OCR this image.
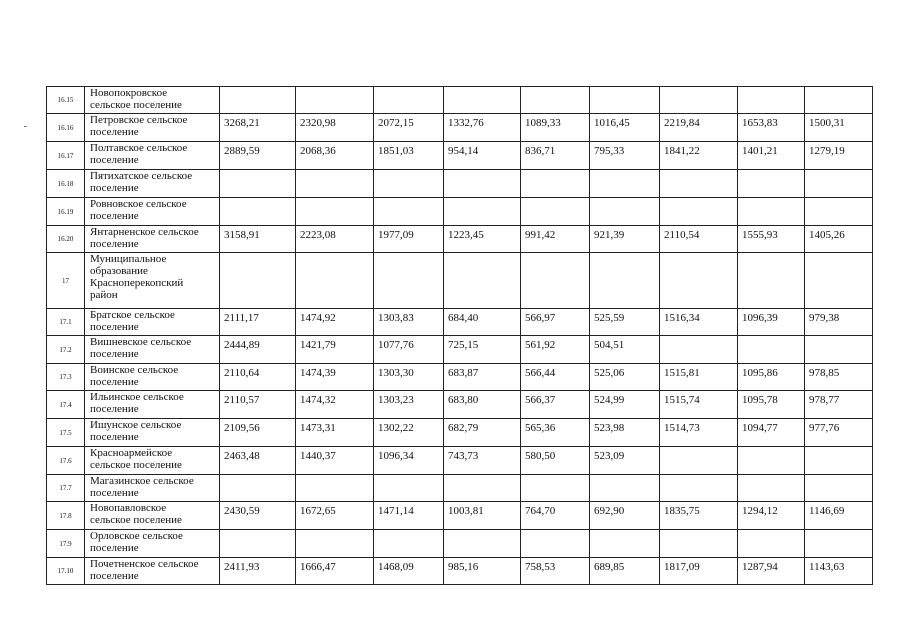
16.15	Новопокровское
сельское поселение									
16.16	Петровское сельское
поселение	3268,21	2320,98	2072,15	1332,76	1089,33	1016,45	2219,84	1653,83	1500,31
16.17	Полтавское сельское
поселение	2889,59	2068,36	1851,03	954,14	836,71	795,33	1841,22	1401,21	1279,19
16.18	Пятихатское сельское
поселение									
16.19	Ровновское сельское
поселение									
16.20	Янтарненское сельское
поселение	3158,91	2223,08	1977,09	1223,45	991,42	921,39	2110,54	1555,93	1405,26
17	Муниципальное
образование
Красноперекопский
район									
17.1	Братское сельское
поселение	2111,17	1474,92	1303,83	684,40	566,97	525,59	1516,34	1096,39	979,38
17.2	Вишневское сельское
поселение	2444,89	1421,79	1077,76	725,15	561,92	504,51			
17.3	Воинское сельское
поселение	2110,64	1474,39	1303,30	683,87	566,44	525,06	1515,81	1095,86	978,85
17.4	Ильинское сельское
поселение	2110,57	1474,32	1303,23	683,80	566,37	524,99	1515,74	1095,78	978,77
17.5	Ишунское сельское
поселение	2109,56	1473,31	1302,22	682,79	565,36	523,98	1514,73	1094,77	977,76
17.6	Красноармейское
сельское поселение	2463,48	1440,37	1096,34	743,73	580,50	523,09			
17.7	Магазинское сельское
поселение									
17.8	Новопавловское
сельское поселение	2430,59	1672,65	1471,14	1003,81	764,70	692,90	1835,75	1294,12	1146,69
17.9	Орловское сельское
поселение									
17.10	Почетненское сельское
поселение	2411,93	1666,47	1468,09	985,16	758,53	689,85	1817,09	1287,94	1143,63
